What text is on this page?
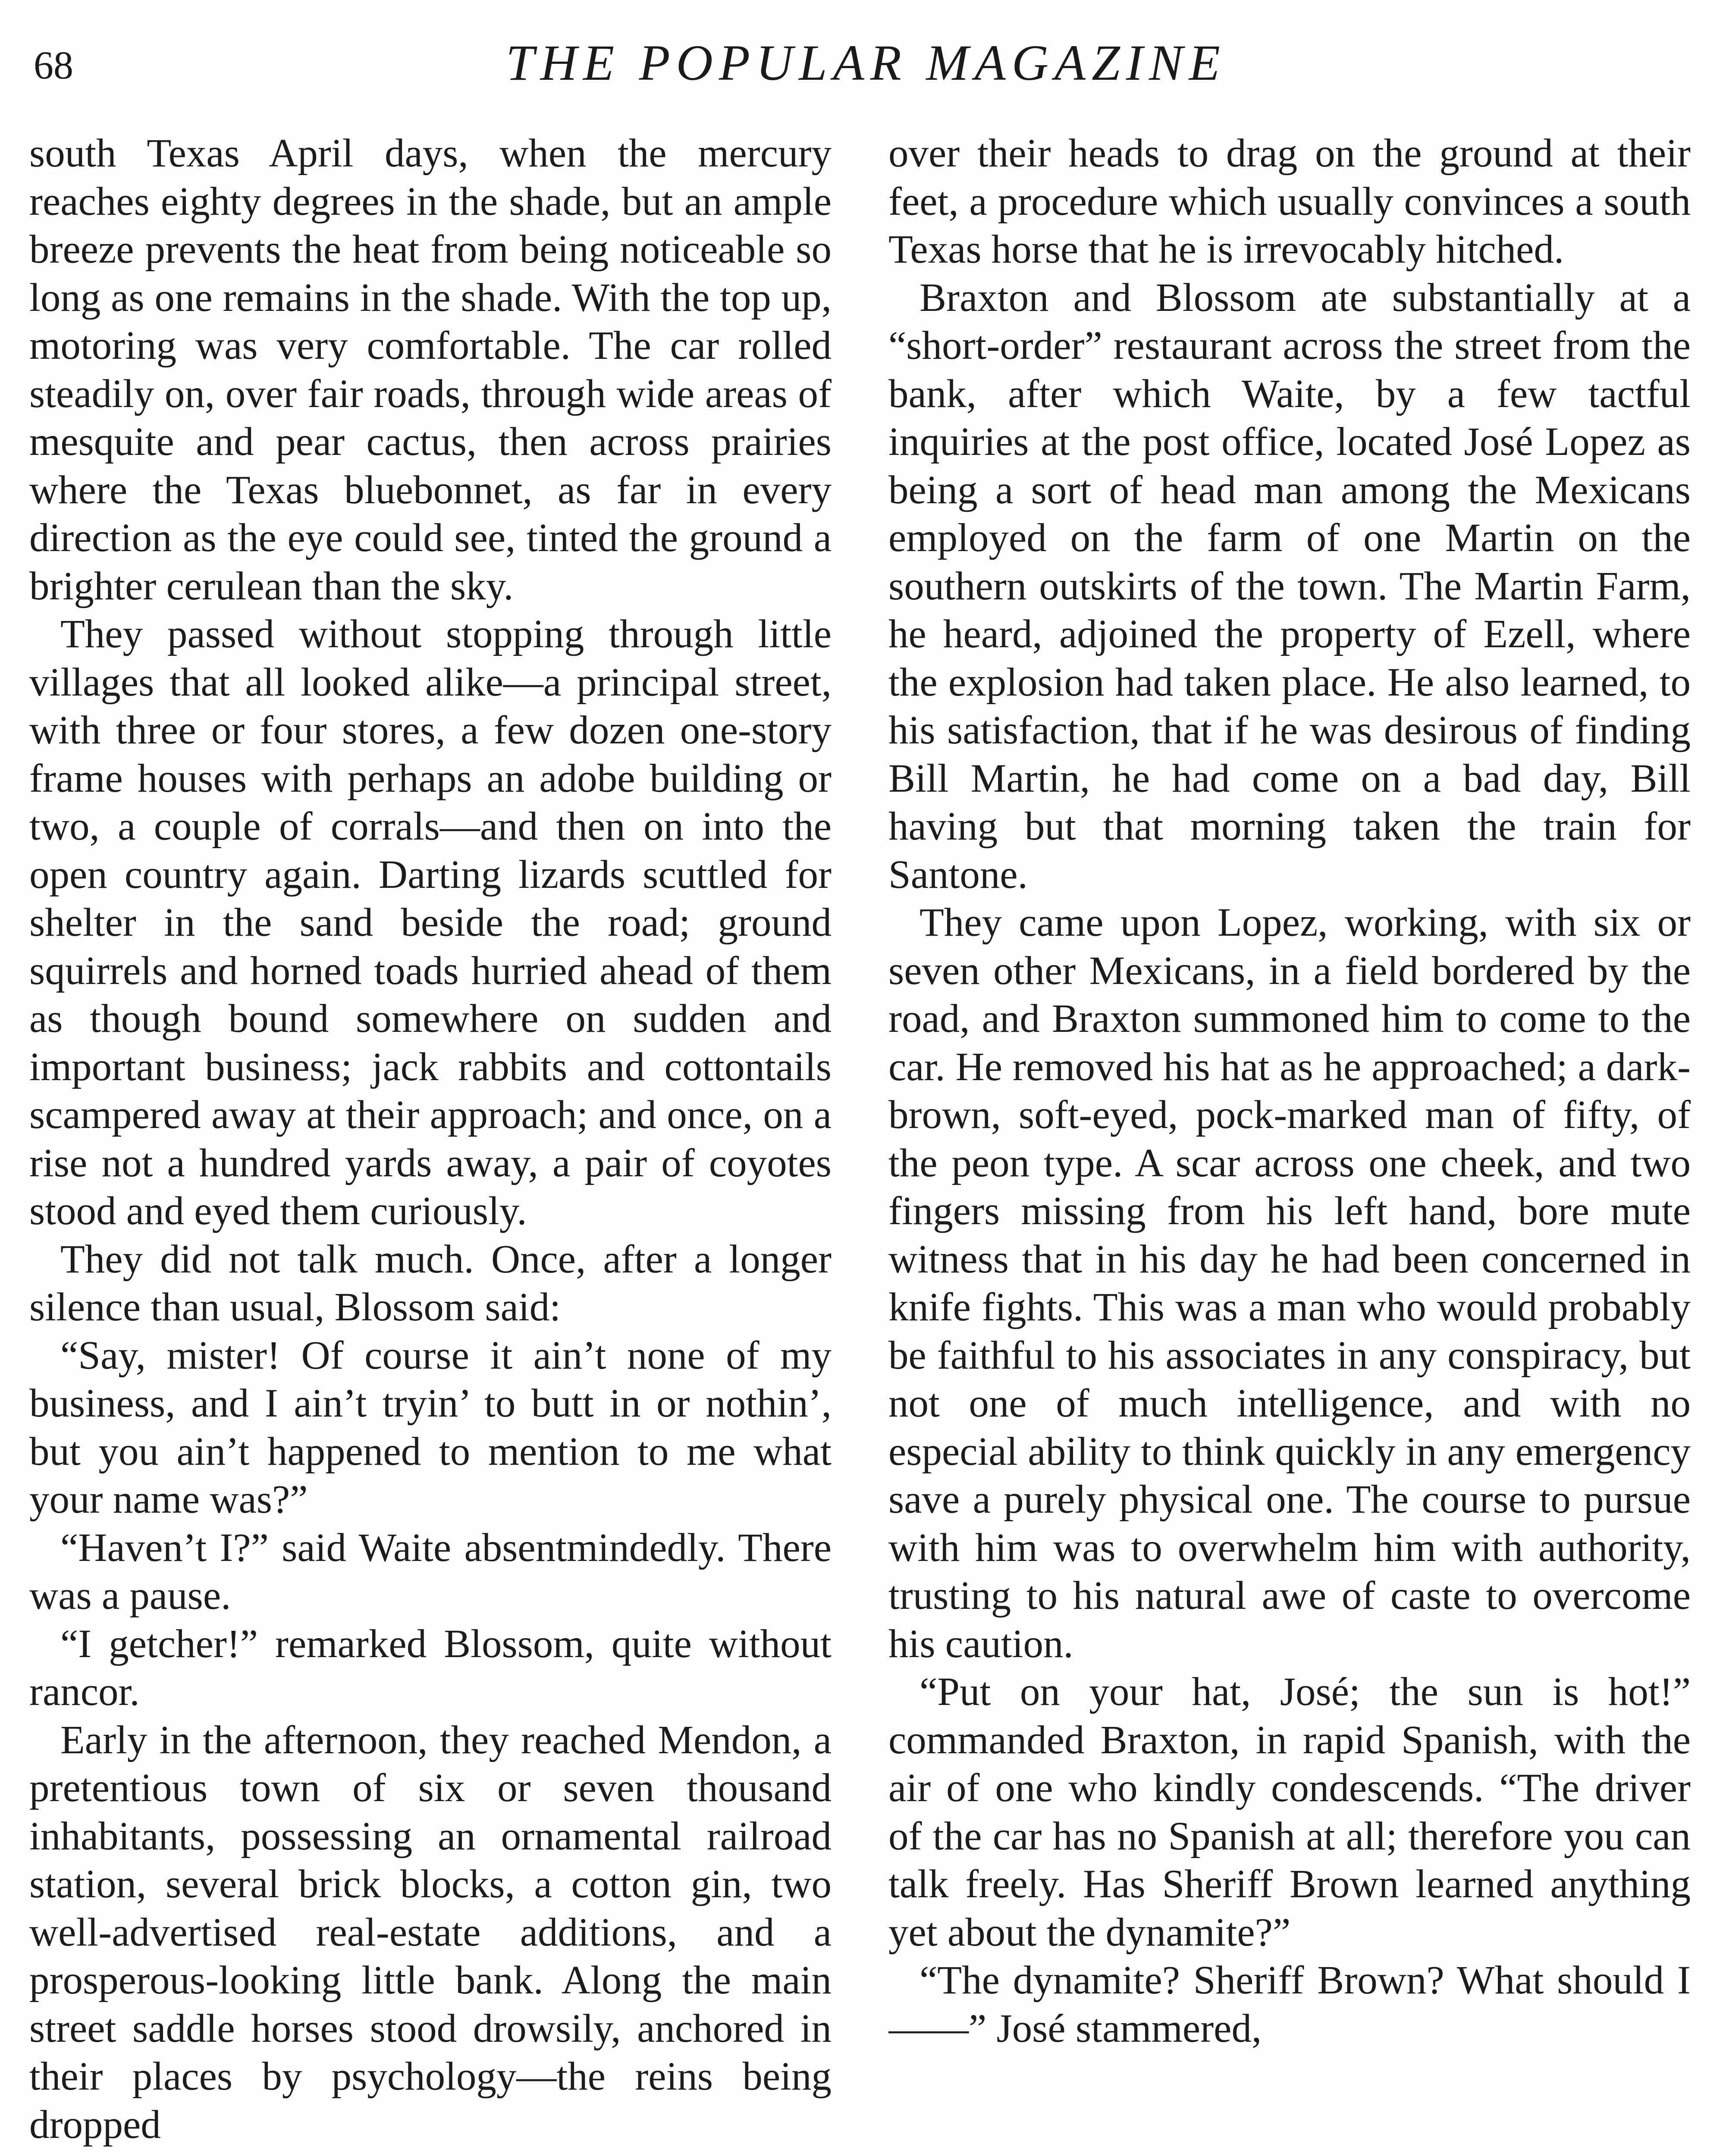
68	THE POPULAR MAGAZINE

south Texas April days, when the mercury reaches eighty degrees in the shade, but an ample breeze prevents the heat from being noticeable so long as one remains in the shade. With the top up, motoring was very comfortable. The car rolled steadily on, over fair roads, through wide areas of mesquite and pear cactus, then across prairies where the Texas bluebonnet, as far in every direction as the eye could see, tinted the ground a brighter cerulean than the sky.

They passed without stopping through little villages that all looked alike—a principal street, with three or four stores, a few dozen one-story frame houses with perhaps an adobe building or two, a couple of corrals—and then on into the open country again. Darting lizards scuttled for shelter in the sand beside the road; ground squirrels and horned toads hurried ahead of them as though bound somewhere on sudden and important business; jack rabbits and cottontails scampered away at their approach; and once, on a rise not a hundred yards away, a pair of coyotes stood and eyed them curiously.

They did not talk much. Once, after a longer silence than usual, Blossom said:

“Say, mister! Of course it ain’t none of my business, and I ain’t tryin’ to butt in or nothin’, but you ain’t happened to mention to me what your name was?”

“Haven’t I?” said Waite absentmindedly. There was a pause.

“I getcher!” remarked Blossom, quite without rancor.

Early in the afternoon, they reached Mendon, a pretentious town of six or seven thousand inhabitants, possessing an ornamental railroad station, several brick blocks, a cotton gin, two well-advertised real-estate additions, and a prosperous-looking little bank. Along the main street saddle horses stood drowsily, anchored in their places by psychology—the reins being dropped

over their heads to drag on the ground at their feet, a procedure which usually convinces a south Texas horse that he is irrevocably hitched.

Braxton and Blossom ate substantially at a “short-order” restaurant across the street from the bank, after which Waite, by a few tactful inquiries at the post office, located José Lopez as being a sort of head man among the Mexicans employed on the farm of one Martin on the southern outskirts of the town. The Martin Farm, he heard, adjoined the property of Ezell, where the explosion had taken place. He also learned, to his satisfaction, that if he was desirous of finding Bill Martin, he had come on a bad day, Bill having but that morning taken the train for Santone.

They came upon Lopez, working, with six or seven other Mexicans, in a field bordered by the road, and Braxton summoned him to come to the car. He removed his hat as he approached; a dark-brown, soft-eyed, pock-marked man of fifty, of the peon type. A scar across one cheek, and two fingers missing from his left hand, bore mute witness that in his day he had been concerned in knife fights. This was a man who would probably be faithful to his associates in any conspiracy, but not one of much intelligence, and with no especial ability to think quickly in any emergency save a purely physical one. The course to pursue with him was to overwhelm him with authority, trusting to his natural awe of caste to overcome his caution.

“Put on your hat, José; the sun is hot!” commanded Braxton, in rapid Spanish, with the air of one who kindly condescends. “The driver of the car has no Spanish at all; therefore you can talk freely. Has Sheriff Brown learned anything yet about the dynamite?”

“The dynamite? Sheriff Brown? What should I——” José stammered,
